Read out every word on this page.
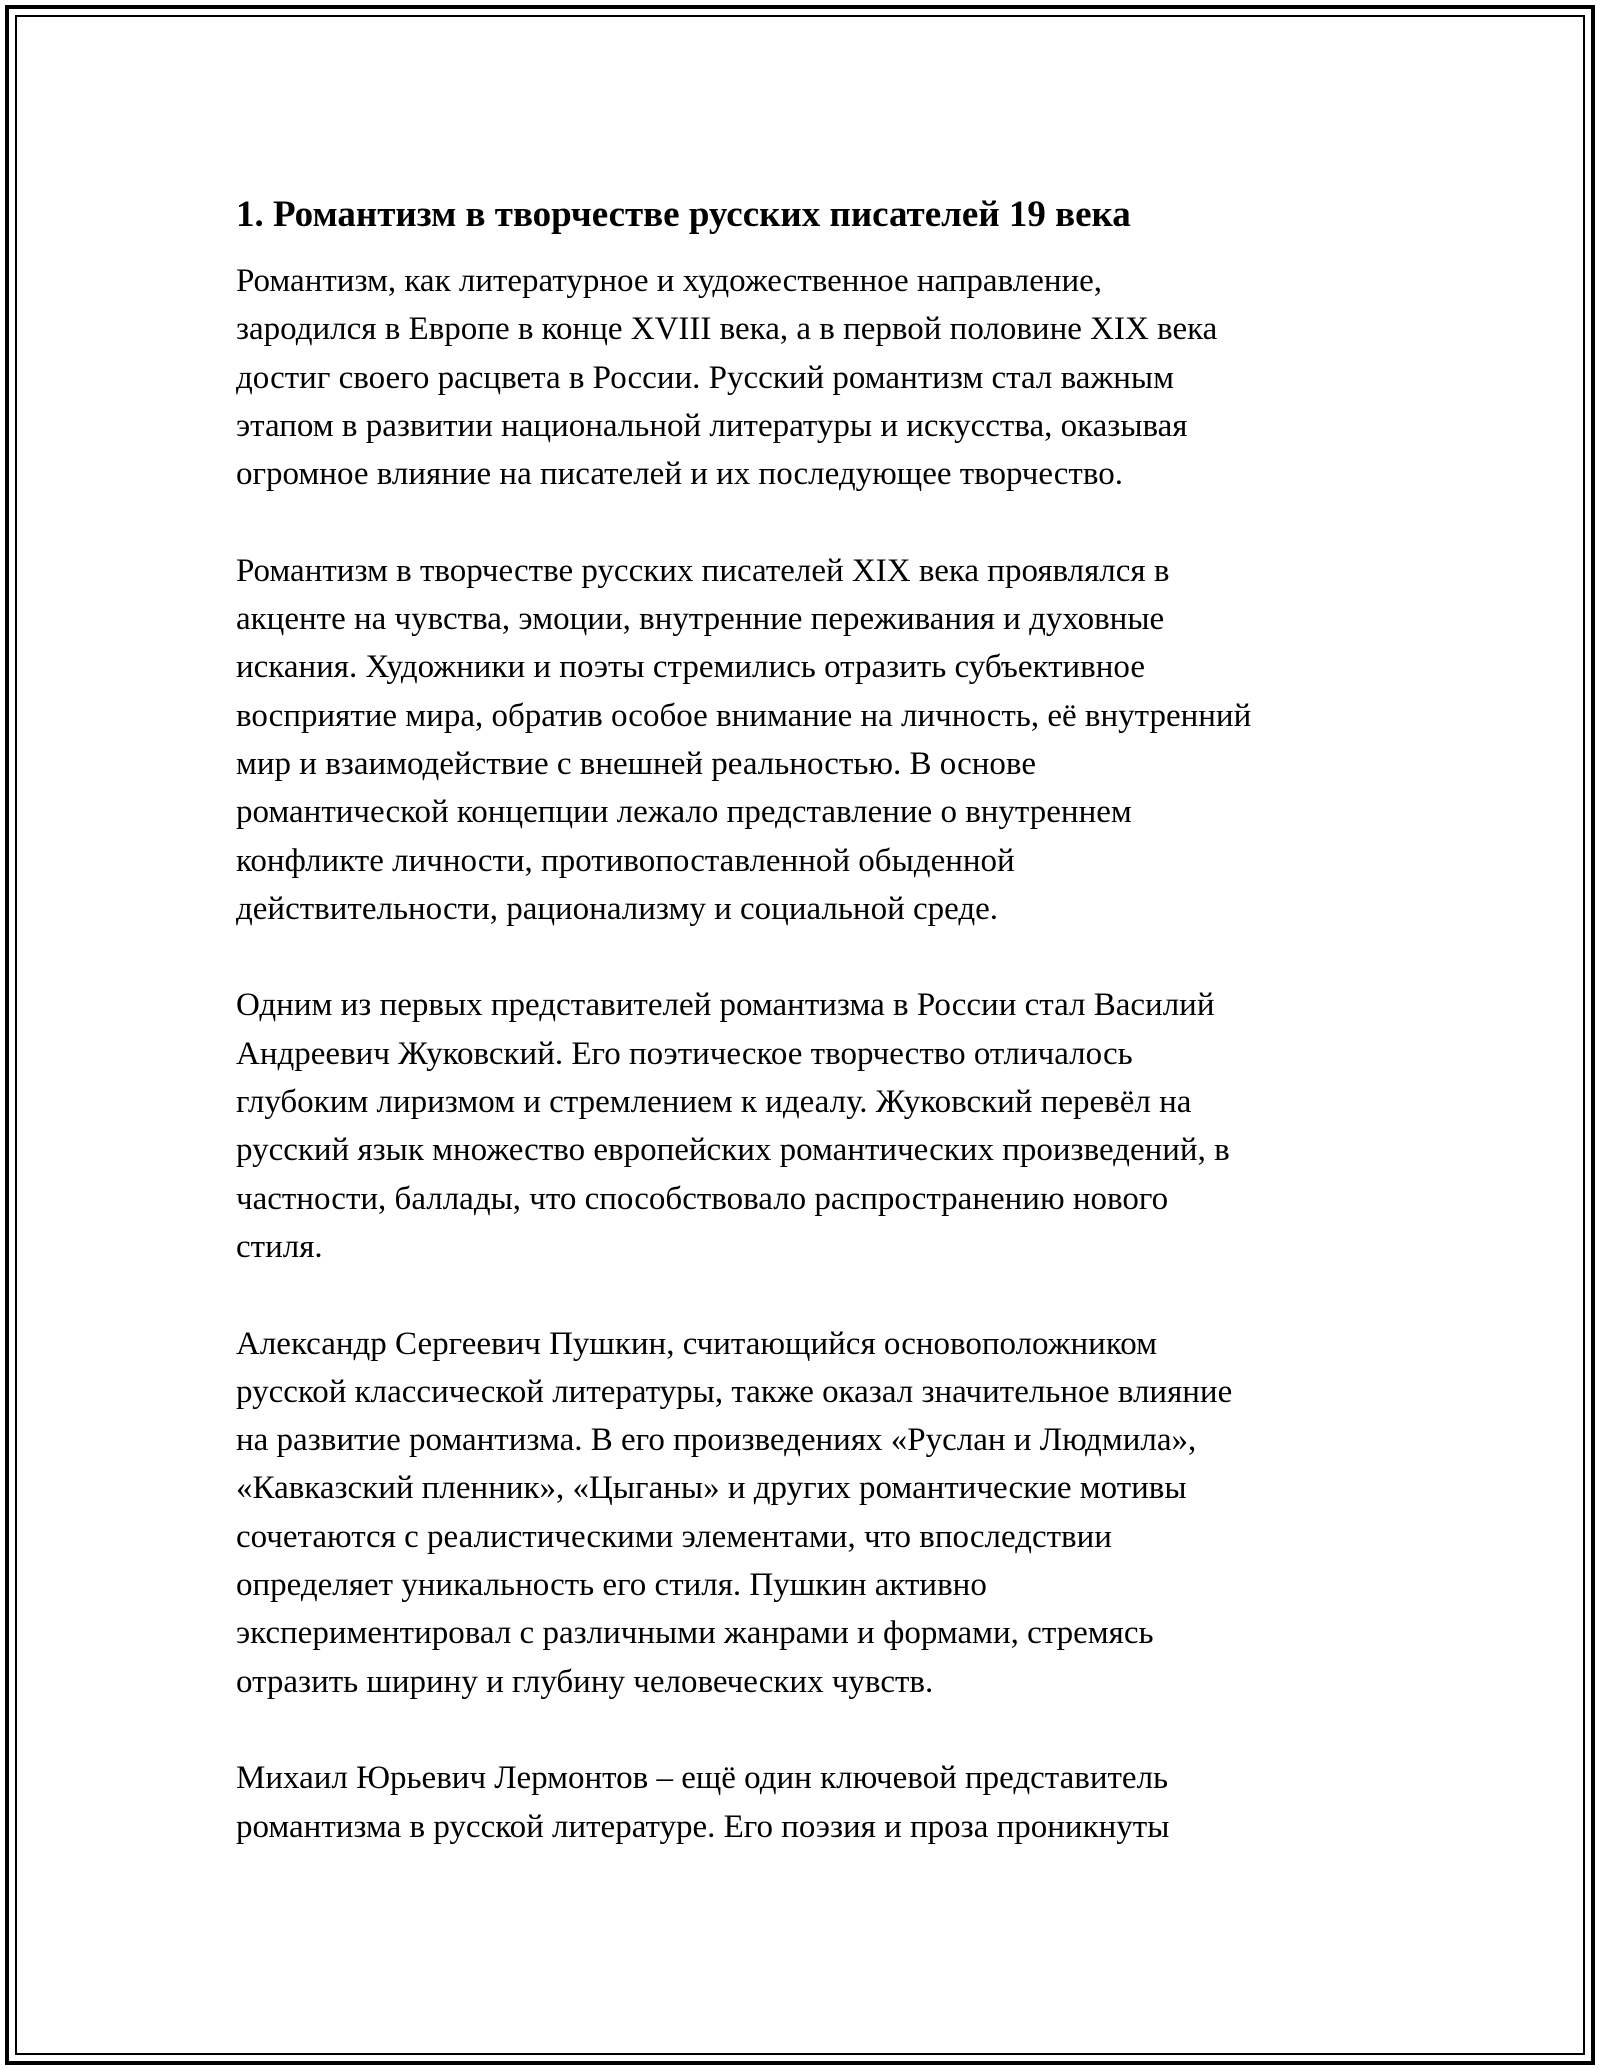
1. Романтизм в творчестве русских писателей 19 века

Романтизм, как литературное и художественное направление,
зародился в Европе в конце XVIII века, а в первой половине XIX века
достиг своего расцвета в России. Русский романтизм стал важным
этапом в развитии национальной литературы и искусства, оказывая
огромное влияние на писателей и их последующее творчество.

Романтизм в творчестве русских писателей XIX века проявлялся в
акценте на чувства, эмоции, внутренние переживания и духовные
искания. Художники и поэты стремились отразить субъективное
восприятие мира, обратив особое внимание на личность, её внутренний
мир и взаимодействие с внешней реальностью. В основе
романтической концепции лежало представление о внутреннем
конфликте личности, противопоставленной обыденной
действительности, рационализму и социальной среде.

Одним из первых представителей романтизма в России стал Василий
Андреевич Жуковский. Его поэтическое творчество отличалось
глубоким лиризмом и стремлением к идеалу. Жуковский перевёл на
русский язык множество европейских романтических произведений, в
частности, баллады, что способствовало распространению нового
стиля.

Александр Сергеевич Пушкин, считающийся основоположником
русской классической литературы, также оказал значительное влияние
на развитие романтизма. В его произведениях «Руслан и Людмила»,
«Кавказский пленник», «Цыганы» и других романтические мотивы
сочетаются с реалистическими элементами, что впоследствии
определяет уникальность его стиля. Пушкин активно
экспериментировал с различными жанрами и формами, стремясь
отразить ширину и глубину человеческих чувств.

Михаил Юрьевич Лермонтов – ещё один ключевой представитель
романтизма в русской литературе. Его поэзия и проза проникнуты
